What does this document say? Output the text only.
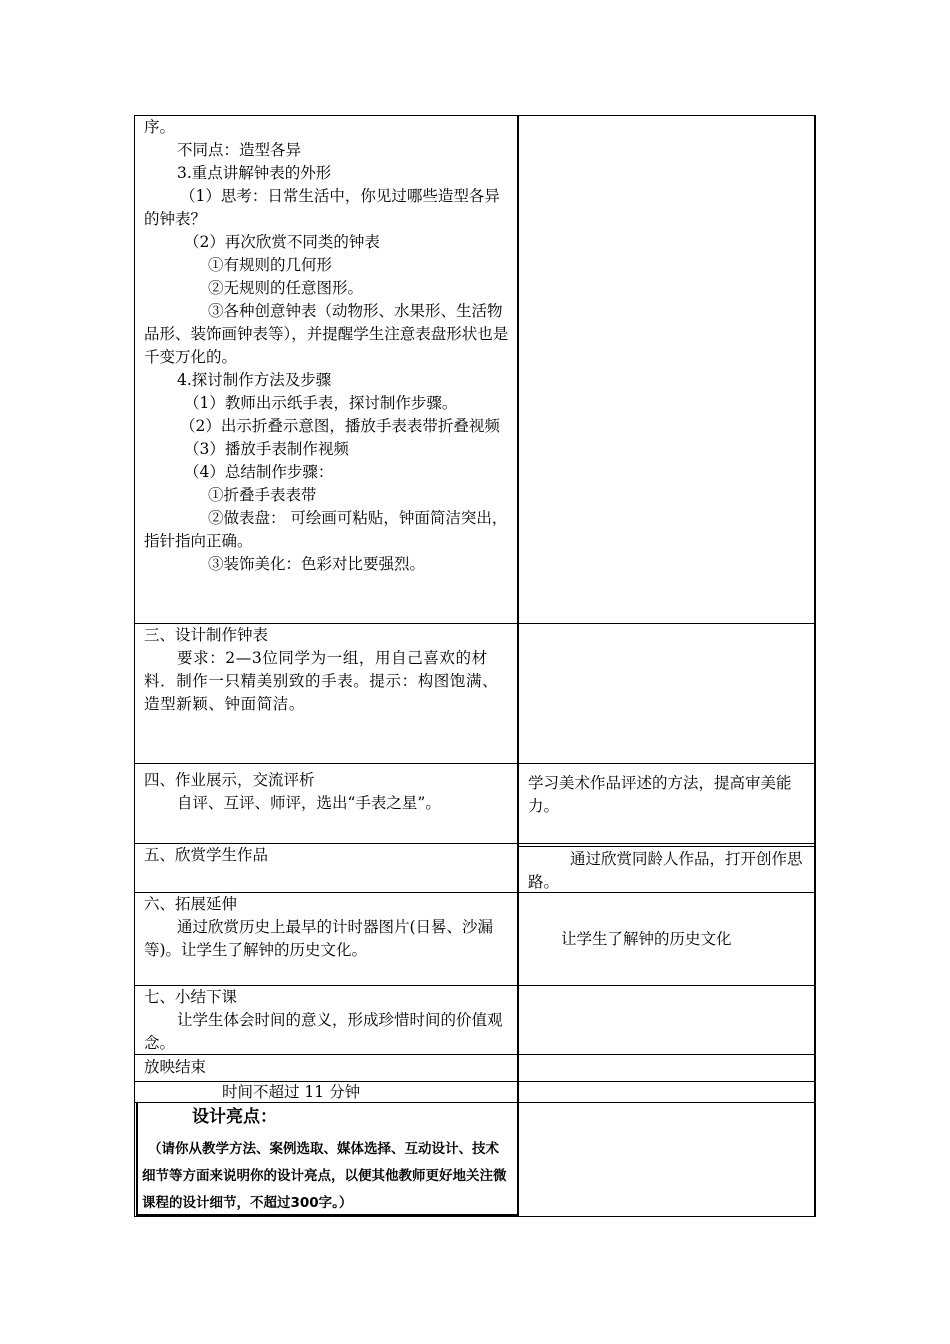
序。

不同点：造型各异

3.重点讲解钟表的外形

（1）思考：日常生活中，你见过哪些造型各异的钟表？

（2）再次欣赏不同类的钟表

①有规则的几何形

②无规则的任意图形。

③各种创意钟表（动物形、水果形、生活物品形、装饰画钟表等），并提醒学生注意表盘形状也是千变万化的。

4.探讨制作方法及步骤

（1）教师出示纸手表，探讨制作步骤。

（2）出示折叠示意图，播放手表表带折叠视频

（3）播放手表制作视频

（4）总结制作步骤：

①折叠手表表带

②做表盘： 可绘画可粘贴，钟面简洁突出，指针指向正确。

③装饰美化：色彩对比要强烈。

三、设计制作钟表

要求：2—3位同学为一组，用自己喜欢的材料．制作一只精美别致的手表。提示：构图饱满、造型新颖、钟面简洁。

四、作业展示，交流评析

自评、互评、师评，选出“手表之星”。

学习美术作品评述的方法，提高审美能力。

五、欣赏学生作品	通过欣赏同龄人作品，打开创作思路。

六、拓展延伸

通过欣赏历史上最早的计时器图片(日晷、沙漏等)。让学生了解钟的历史文化。

让学生了解钟的历史文化

七、小结下课

让学生体会时间的意义，形成珍惜时间的价值观念。

放映结束

时间不超过 11 分钟

设计亮点：

（请你从教学方法、案例选取、媒体选择、互动设计、技术细节等方面来说明你的设计亮点，以便其他教师更好地关注微课程的设计细节，不超过300字。）
